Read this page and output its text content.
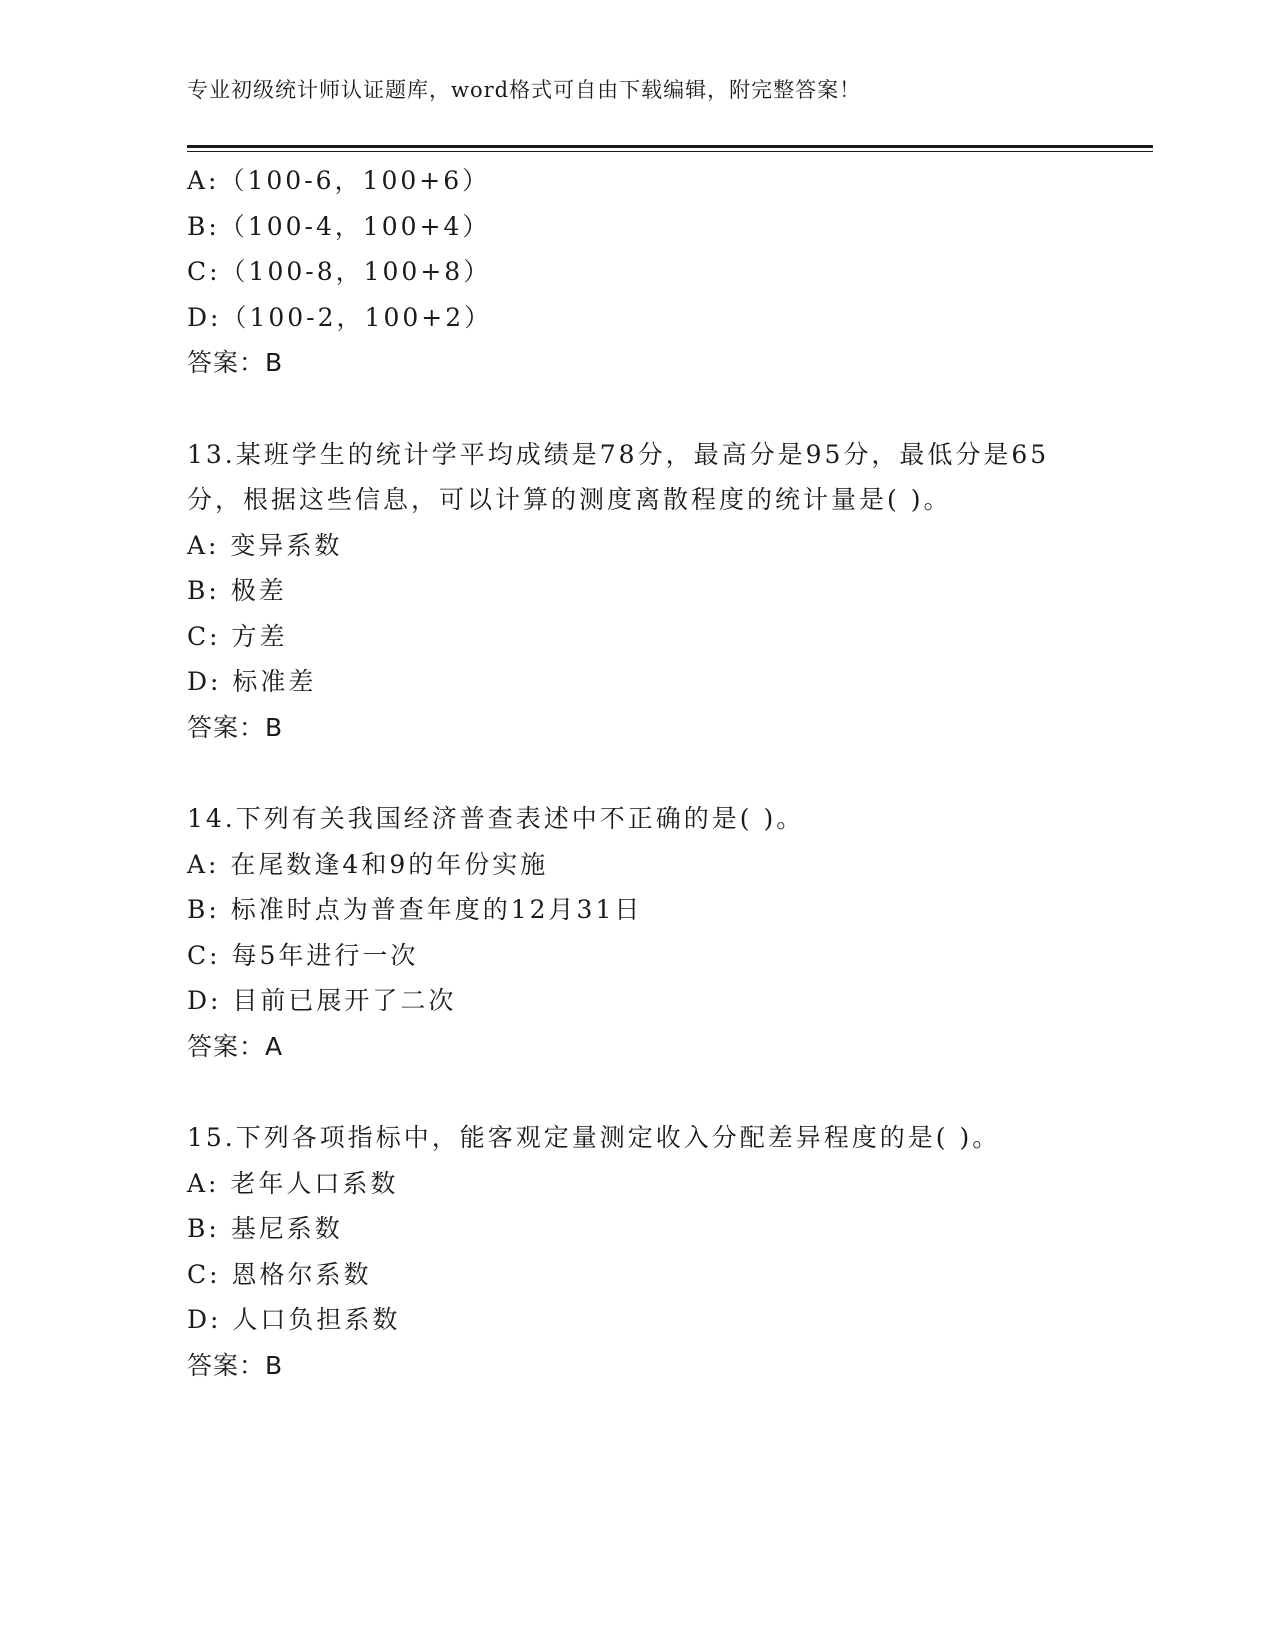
专业初级统计师认证题库，word格式可自由下载编辑，附完整答案！
A:（100-6，100+6）
B:（100-4，100+4）
C:（100-8，100+8）
D:（100-2，100+2）
答案：B
13.某班学生的统计学平均成绩是78分，最高分是95分，最低分是65
分，根据这些信息，可以计算的测度离散程度的统计量是( )。
A: 变异系数
B: 极差
C: 方差
D: 标准差
答案：B
14.下列有关我国经济普查表述中不正确的是( )。
A: 在尾数逢4和9的年份实施
B: 标准时点为普查年度的12月31日
C: 每5年进行一次
D: 目前已展开了二次
答案：A
15.下列各项指标中，能客观定量测定收入分配差异程度的是( )。
A: 老年人口系数
B: 基尼系数
C: 恩格尔系数
D: 人口负担系数
答案：B
